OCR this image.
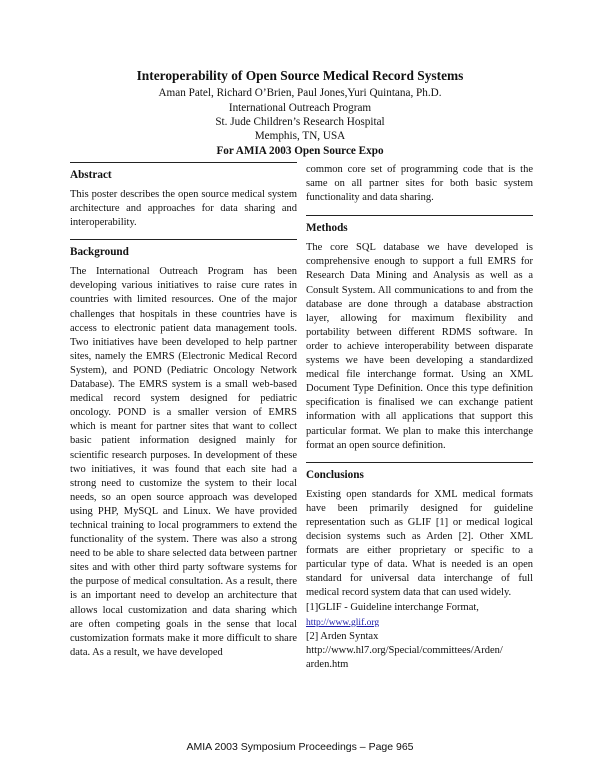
Interoperability of Open Source Medical Record Systems
Aman Patel, Richard O’Brien, Paul Jones,Yuri Quintana, Ph.D.
International Outreach Program
St. Jude Children’s Research Hospital
Memphis, TN, USA
For AMIA 2003 Open Source Expo
Abstract

This poster describes the open source medical system architecture and approaches for data sharing and interoperability.

Background

The International Outreach Program has been developing various initiatives to raise cure rates in countries with limited resources. One of the major challenges that hospitals in these countries have is access to electronic patient data management tools. Two initiatives have been developed to help partner sites, namely the EMRS (Electronic Medical Record System), and POND (Pediatric Oncology Network Database). The EMRS system is a small web-based medical record system designed for pediatric oncology. POND is a smaller version of EMRS which is meant for partner sites that want to collect basic patient information designed mainly for scientific research purposes. In development of these two initiatives, it was found that each site had a strong need to customize the system to their local needs, so an open source approach was developed using PHP, MySQL and Linux. We have provided technical training to local programmers to extend the functionality of the system. There was also a strong need to be able to share selected data between partner sites and with other third party software systems for the purpose of medical consultation. As a result, there is an important need to develop an architecture that allows local customization and data sharing which are often competing goals in the sense that local customization formats make it more difficult to share data. As a result, we have developed

common core set of programming code that is the same on all partner sites for both basic system functionality and data sharing.

Methods

The core SQL database we have developed is comprehensive enough to support a full EMRS for Research Data Mining and Analysis as well as a Consult System. All communications to and from the database are done through a database abstraction layer, allowing for maximum flexibility and portability between different RDMS software. In order to achieve interoperability between disparate systems we have been developing a standardized medical file interchange format. Using an XML Document Type Definition. Once this type definition specification is finalised we can exchange patient information with all applications that support this particular format. We plan to make this interchange format an open source definition.

Conclusions

Existing open standards for XML medical formats have been primarily designed for guideline representation such as GLIF [1] or medical logical decision systems such as Arden [2]. Other XML formats are either proprietary or specific to a particular type of data. What is needed is an open standard for universal data interchange of full medical record system data that can used widely.

[1]GLIF - Guideline interchange Format,

http://www.glif.org

[2] Arden Syntax

http://www.hl7.org/Special/committees/Arden/ arden.htm

AMIA 2003 Symposium Proceedings – Page 965
